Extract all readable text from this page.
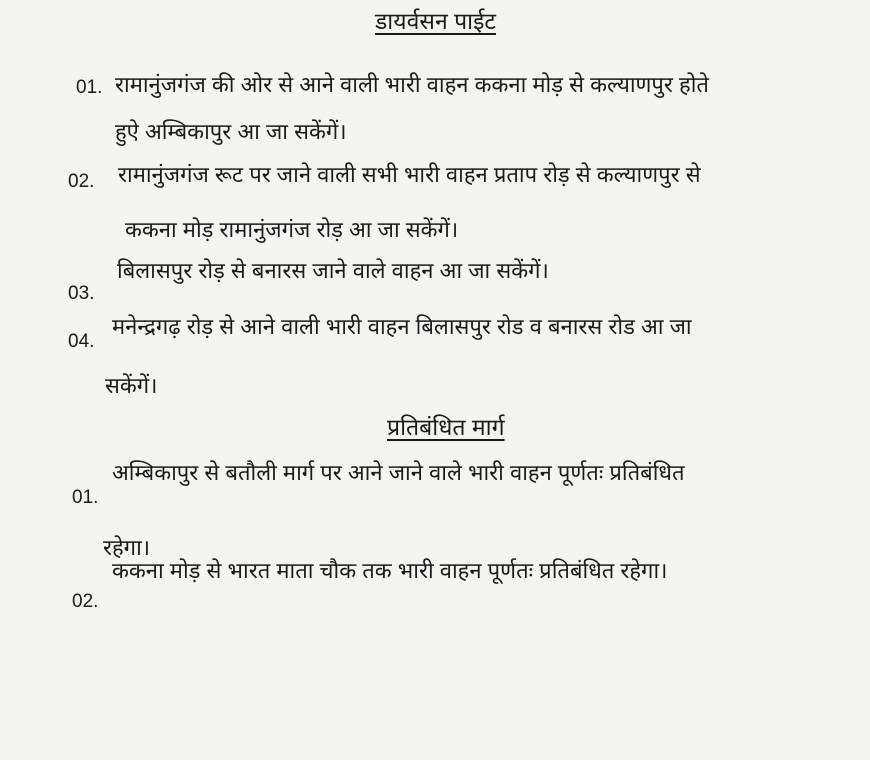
डायर्वसन पाईट
01. रामानुंजगंज की ओर से आने वाली भारी वाहन ककना मोड़ से कल्याणपुर होते
हुऐ अम्बिकापुर आ जा सकेंगें।
02. रामानुंजगंज रूट पर जाने वाली सभी भारी वाहन प्रताप रोड़ से कल्याणपुर से
ककना मोड़ रामानुंजगंज रोड़ आ जा सकेंगें।
03.
बिलासपुर रोड़ से बनारस जाने वाले वाहन आ जा सकेंगें।
04.
मनेन्द्रगढ़ रोड़ से आने वाली भारी वाहन बिलासपुर रोड व बनारस रोड आ जा
सकेंगें।
प्रतिबंधित मार्ग
01.
अम्बिकापुर से बतौली मार्ग पर आने जाने वाले भारी वाहन पूर्णतः प्रतिबंधित
रहेगा।
02.
ककना मोड़ से भारत माता चौक तक भारी वाहन पूर्णतः प्रतिबंधित रहेगा।
